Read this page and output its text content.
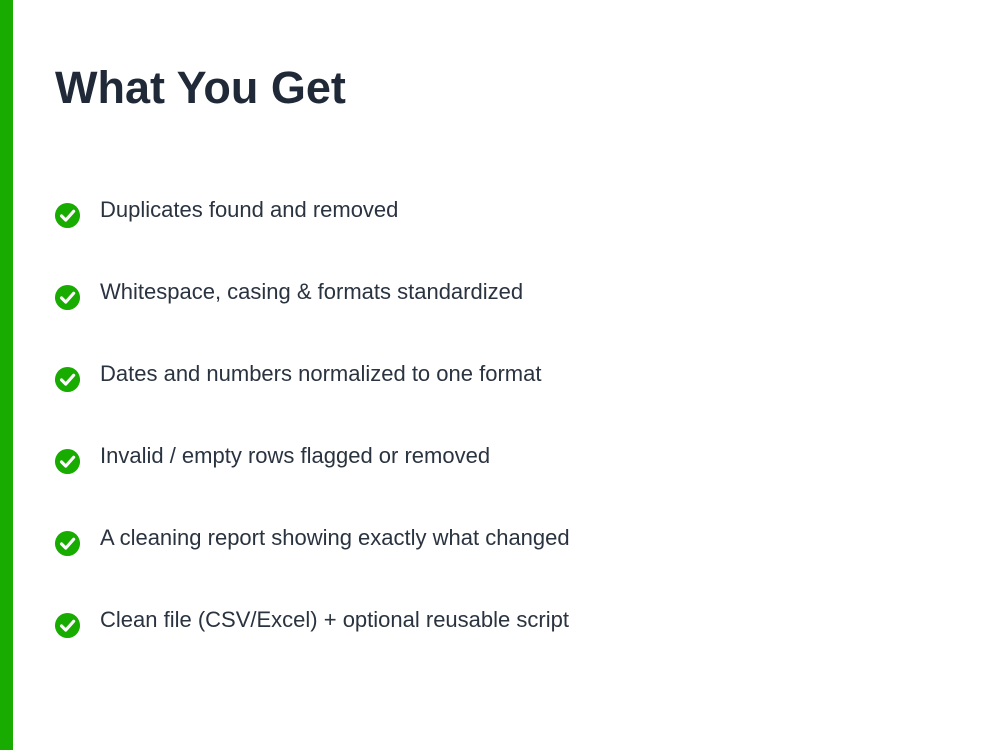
What You Get
Duplicates found and removed
Whitespace, casing & formats standardized
Dates and numbers normalized to one format
Invalid / empty rows flagged or removed
A cleaning report showing exactly what changed
Clean file (CSV/Excel) + optional reusable script
